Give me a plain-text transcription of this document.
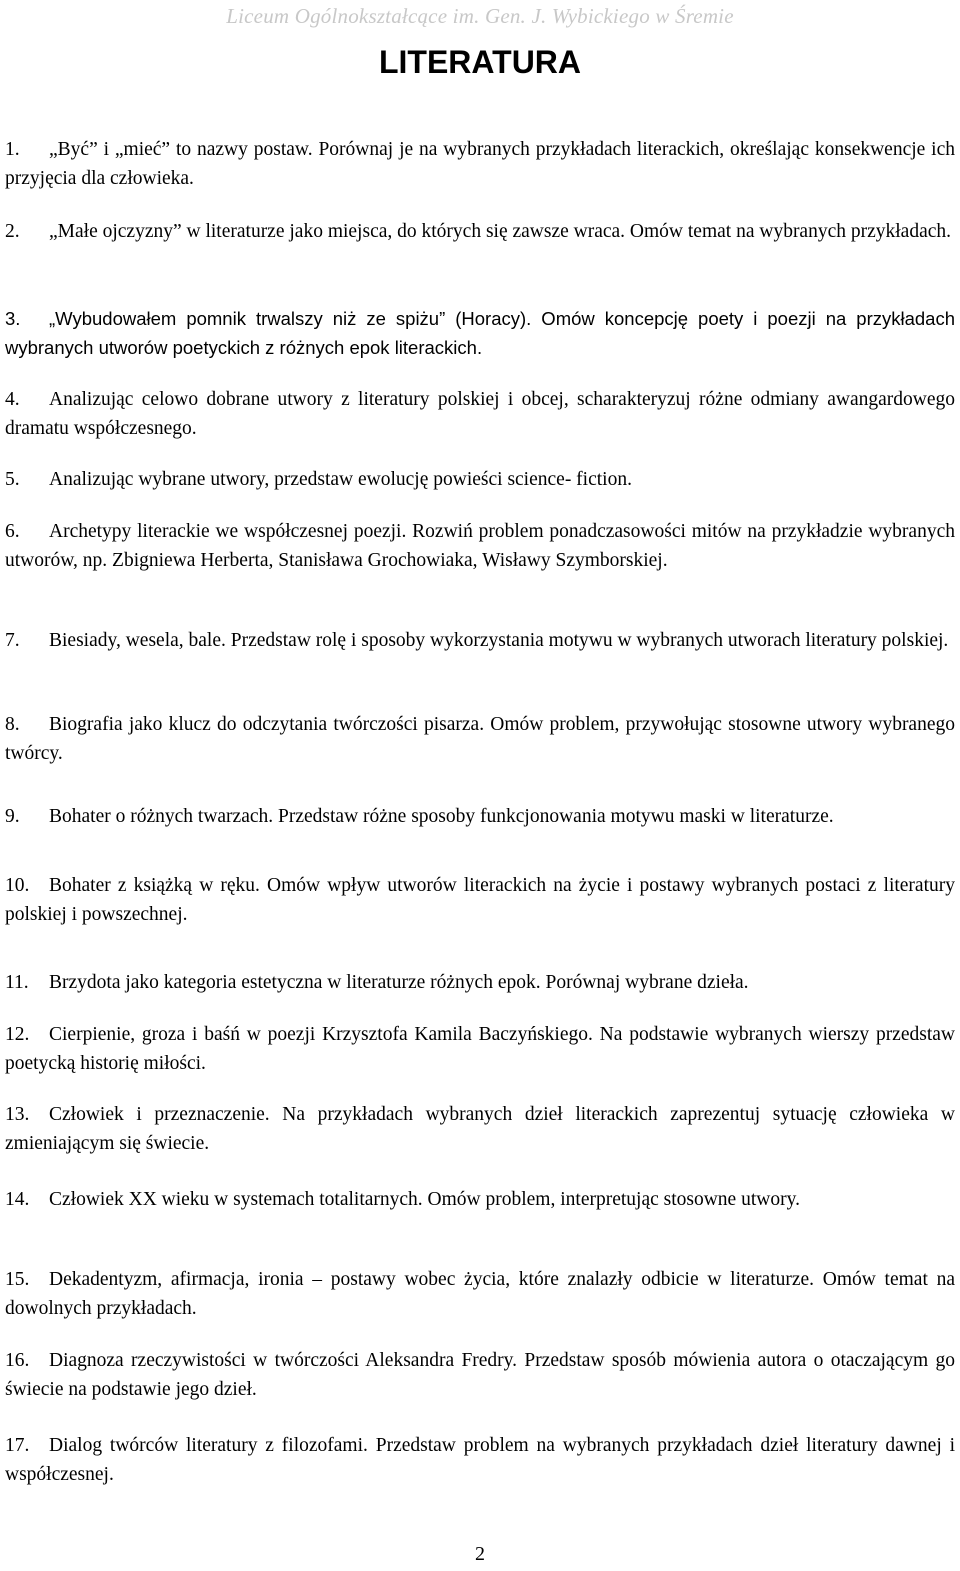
Liceum Ogólnokształcące im. Gen. J. Wybickiego w Śremie
LITERATURA

1. „Być” i „mieć” to nazwy postaw. Porównaj je na wybranych przykładach literackich, określając konsekwencje ich przyjęcia dla człowieka.

2. „Małe ojczyzny” w literaturze jako miejsca, do których się zawsze wraca. Omów temat na wybranych przykładach.

3. „Wybudowałem pomnik trwalszy niż ze spiżu” (Horacy). Omów koncepcję poety i poezji na przykładach wybranych utworów poetyckich z różnych epok literackich.

4. Analizując celowo dobrane utwory z literatury polskiej i obcej, scharakteryzuj różne odmiany awangardowego dramatu współczesnego.

5. Analizując wybrane utwory, przedstaw ewolucję powieści science- fiction.

6. Archetypy literackie we współczesnej poezji. Rozwiń problem ponadczasowości mitów na przykładzie wybranych utworów, np. Zbigniewa Herberta, Stanisława Grochowiaka, Wisławy Szymborskiej.

7. Biesiady, wesela, bale. Przedstaw rolę i sposoby wykorzystania motywu w wybranych utworach literatury polskiej.

8. Biografia jako klucz do odczytania twórczości pisarza. Omów problem, przywołując stosowne utwory wybranego twórcy.

9. Bohater o różnych twarzach. Przedstaw różne sposoby funkcjonowania motywu maski w literaturze.

10. Bohater z książką w ręku. Omów wpływ utworów literackich na życie i postawy wybranych postaci z literatury polskiej i powszechnej.

11. Brzydota jako kategoria estetyczna w literaturze różnych epok. Porównaj wybrane dzieła.

12. Cierpienie, groza i baśń w poezji Krzysztofa Kamila Baczyńskiego. Na podstawie wybranych wierszy przedstaw poetycką historię miłości.

13. Człowiek i przeznaczenie. Na przykładach wybranych dzieł literackich zaprezentuj sytuację człowieka w zmieniającym się świecie.

14. Człowiek XX wieku w systemach totalitarnych. Omów problem, interpretując stosowne utwory.

15. Dekadentyzm, afirmacja, ironia – postawy wobec życia, które znalazły odbicie w literaturze. Omów temat na dowolnych przykładach.

16. Diagnoza rzeczywistości w twórczości Aleksandra Fredry. Przedstaw sposób mówienia autora o otaczającym go świecie na podstawie jego dzieł.

17. Dialog twórców literatury z filozofami. Przedstaw problem na wybranych przykładach dzieł literatury dawnej i współczesnej.

2
